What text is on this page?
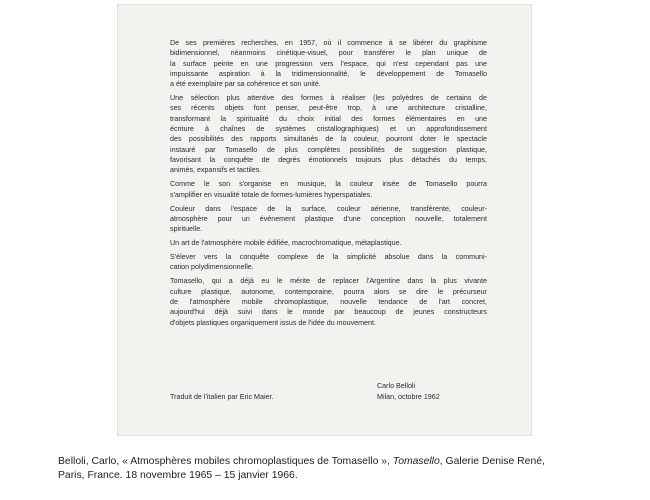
De ses premières recherches, en 1957, où il commence à se libérer du graphisme
bidimensionnel, néanmoins cinétique-visuel, pour transférer le plan unique de
la surface peinte en une progression vers l'espace, qui n'est cependant pas une
impuissante aspiration à la tridimensionnalité, le développement de Tomasello
a été exemplaire par sa cohérence et son unité.
Une sélection plus attentive des formes à réaliser (les polyèdres de certains de
ses récents objets font penser, peut-être trop, à une architecture cristalline,
transformant la spiritualité du choix initial des formes élémentaires en une
écriture à chaînes de systèmes cristallographiques) et un approfondissement
des possibilités des rapports simultanés de la couleur, pourront doter le spectacle
instauré par Tomasello de plus complètes possibilités de suggestion plastique,
favorisant la conquête de degrés émotionnels toujours plus détachés du temps,
animés, expansifs et tactiles.
Comme le son s'organise en musique, la couleur irisée de Tomasello pourra
s'amplifier en visualité totale de formes-lumières hyperspatiales.
Couleur dans l'espace de la surface, couleur aérienne, transférente, couleur-
atmosphère pour un événement plastique d'une conception nouvelle, totalement
spirituelle.
Un art de l'atmosphère mobile édifiée, macrochromatique, métaplastique.
S'élever vers la conquête complexe de la simplicité absolue dans la communi-
cation polydimensionnelle.
Tomasello, qui a déjà eu le mérite de replacer l'Argentine dans la plus vivante
culture plastique, autonome, contemporaine, pourra alors se dire le précurseur
de l'atmosphère mobile chromoplastique, nouvelle tendance de l'art concret,
aujourd'hui déjà suivi dans le monde par beaucoup de jeunes constructeurs
d'objets plastiques organiquement issus de l'idée du mouvement.
Carlo Belloli
Traduit de l'italien par Eric Maier.	Milan, octobre 1962
Belloli, Carlo, « Atmosphères mobiles chromoplastiques de Tomasello », Tomasello, Galerie Denise René,
Paris, France. 18 novembre 1965 – 15 janvier 1966.
